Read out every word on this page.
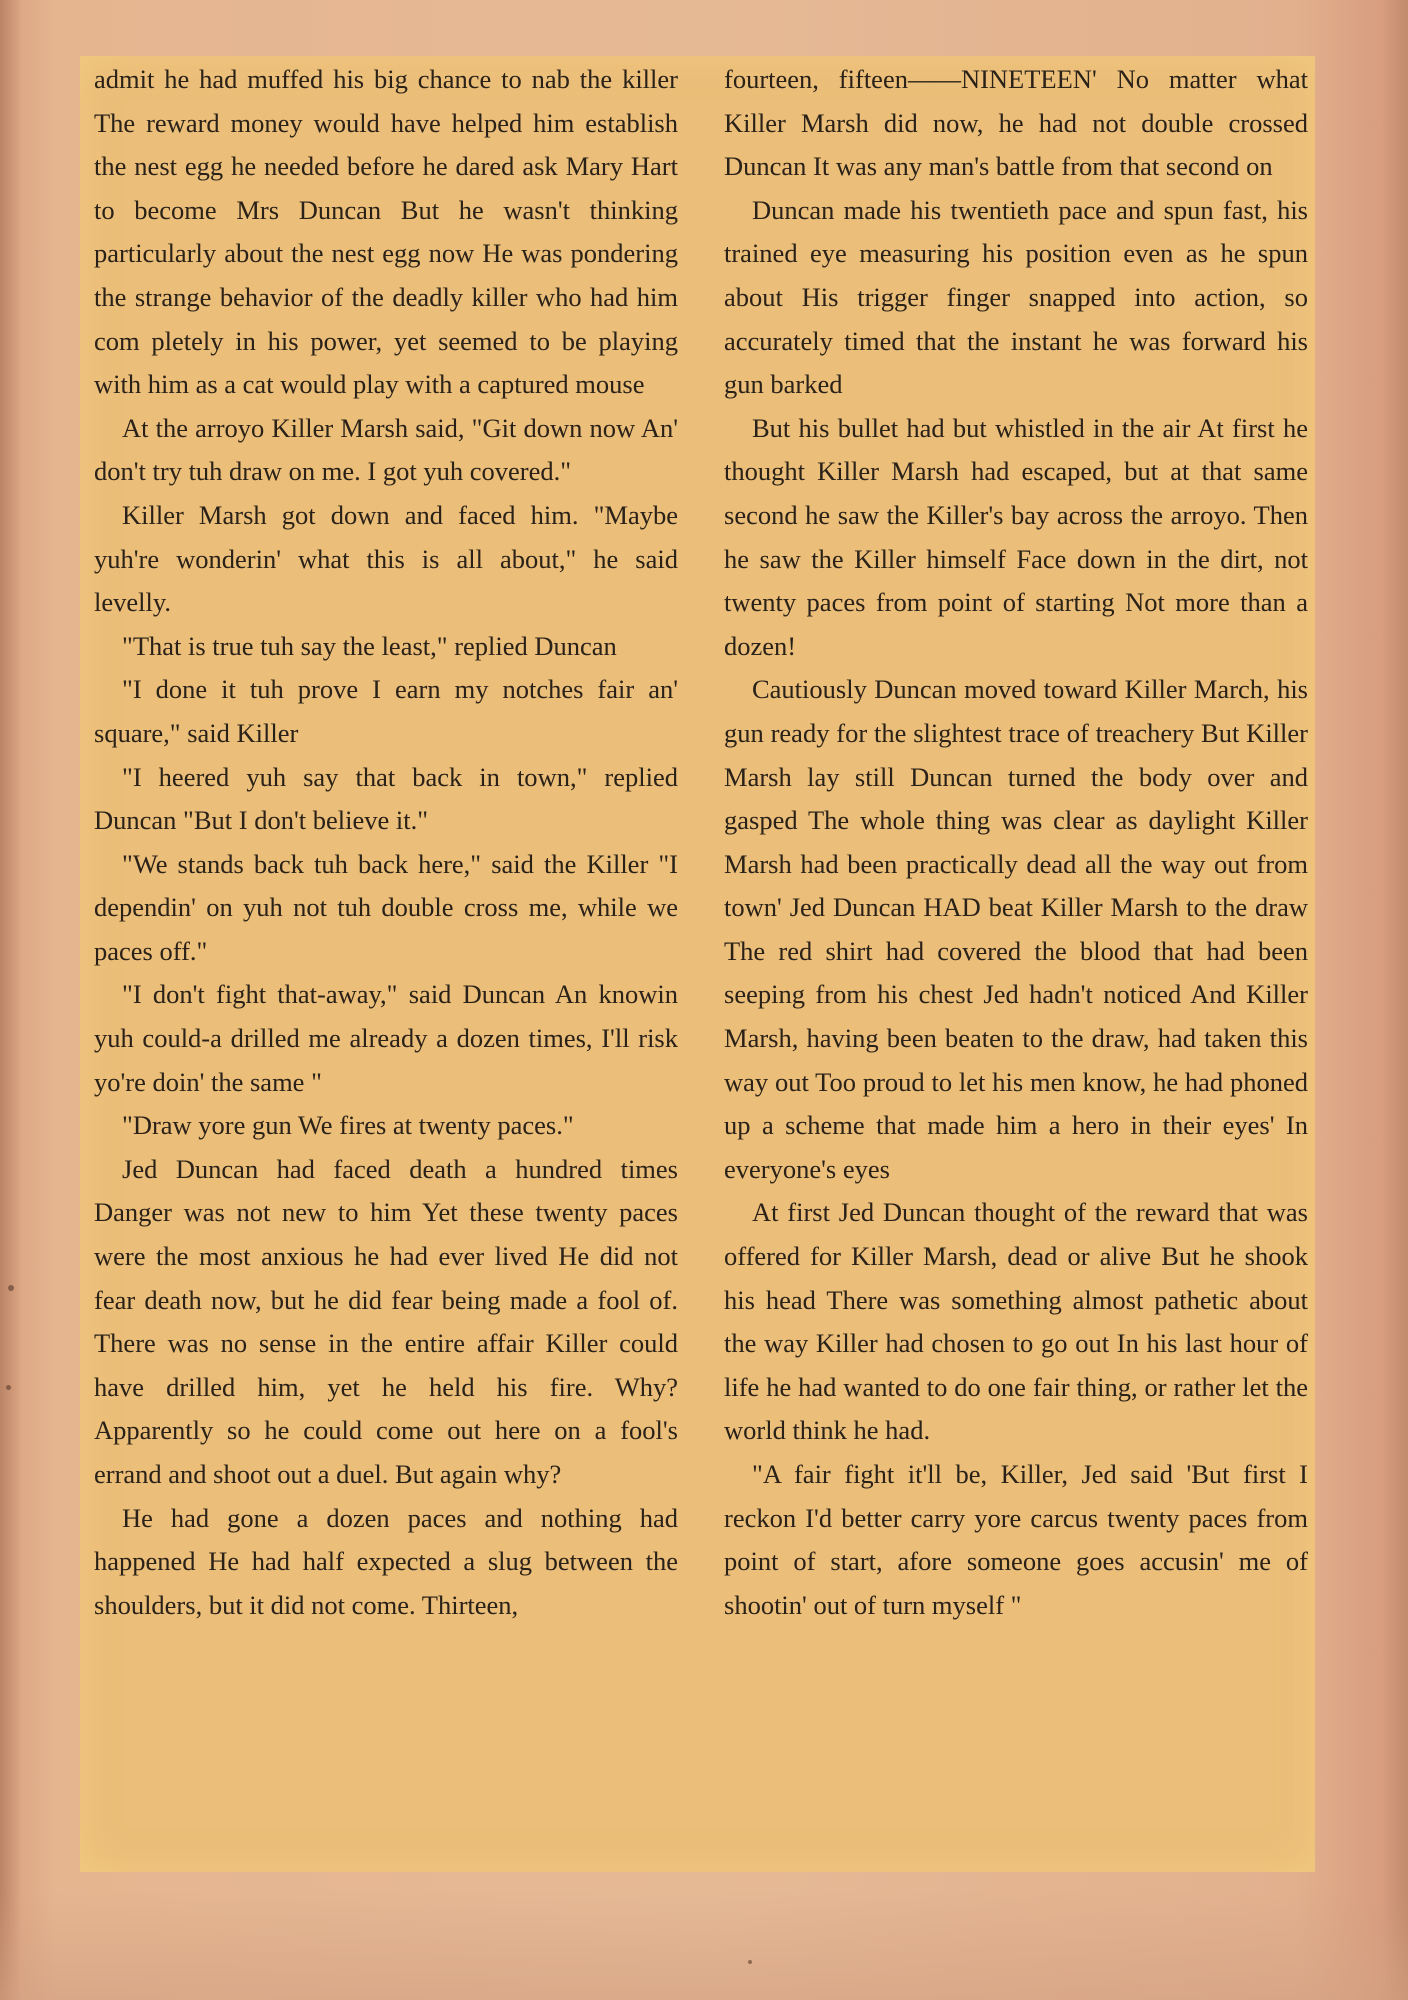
admit he had muffed his big chance to nab the killer The reward money would have helped him establish the nest egg he needed before he dared ask Mary Hart to become Mrs Duncan But he wasn't thinking particularly about the nest egg now He was pondering the strange behavior of the deadly killer who had him com pletely in his power, yet seemed to be playing with him as a cat would play with a captured mouse

At the arroyo Killer Marsh said, "Git down now An' don't try tuh draw on me. I got yuh covered."

Killer Marsh got down and faced him. "Maybe yuh're wonderin' what this is all about," he said levelly.

"That is true tuh say the least," replied Duncan

"I done it tuh prove I earn my notches fair an' square," said Killer

"I heered yuh say that back in town," replied Duncan "But I don't believe it."

"We stands back tuh back here," said the Killer "I dependin' on yuh not tuh double cross me, while we paces off."

"I don't fight that-away," said Duncan An knowin yuh could-a drilled me already a dozen times, I'll risk yo're doin' the same "

"Draw yore gun We fires at twenty paces."

Jed Duncan had faced death a hundred times Danger was not new to him Yet these twenty paces were the most anxious he had ever lived He did not fear death now, but he did fear being made a fool of. There was no sense in the entire affair Killer could have drilled him, yet he held his fire. Why? Apparently so he could come out here on a fool's errand and shoot out a duel. But again why?

He had gone a dozen paces and nothing had happened He had half expected a slug between the shoulders, but it did not come. Thirteen,

fourteen, fifteen——NINETEEN' No matter what Killer Marsh did now, he had not double crossed Duncan It was any man's battle from that second on

Duncan made his twentieth pace and spun fast, his trained eye measuring his position even as he spun about His trigger finger snapped into action, so accurately timed that the instant he was forward his gun barked

But his bullet had but whistled in the air At first he thought Killer Marsh had escaped, but at that same second he saw the Killer's bay across the arroyo. Then he saw the Killer himself Face down in the dirt, not twenty paces from point of starting Not more than a dozen!

Cautiously Duncan moved toward Killer March, his gun ready for the slightest trace of treachery But Killer Marsh lay still Duncan turned the body over and gasped The whole thing was clear as daylight Killer Marsh had been practically dead all the way out from town' Jed Duncan HAD beat Killer Marsh to the draw The red shirt had covered the blood that had been seeping from his chest Jed hadn't noticed And Killer Marsh, having been beaten to the draw, had taken this way out Too proud to let his men know, he had phoned up a scheme that made him a hero in their eyes' In everyone's eyes

At first Jed Duncan thought of the reward that was offered for Killer Marsh, dead or alive But he shook his head There was something almost pathetic about the way Killer had chosen to go out In his last hour of life he had wanted to do one fair thing, or rather let the world think he had.

"A fair fight it'll be, Killer, Jed said 'But first I reckon I'd better carry yore carcus twenty paces from point of start, afore someone goes accusin' me of shootin' out of turn myself "
